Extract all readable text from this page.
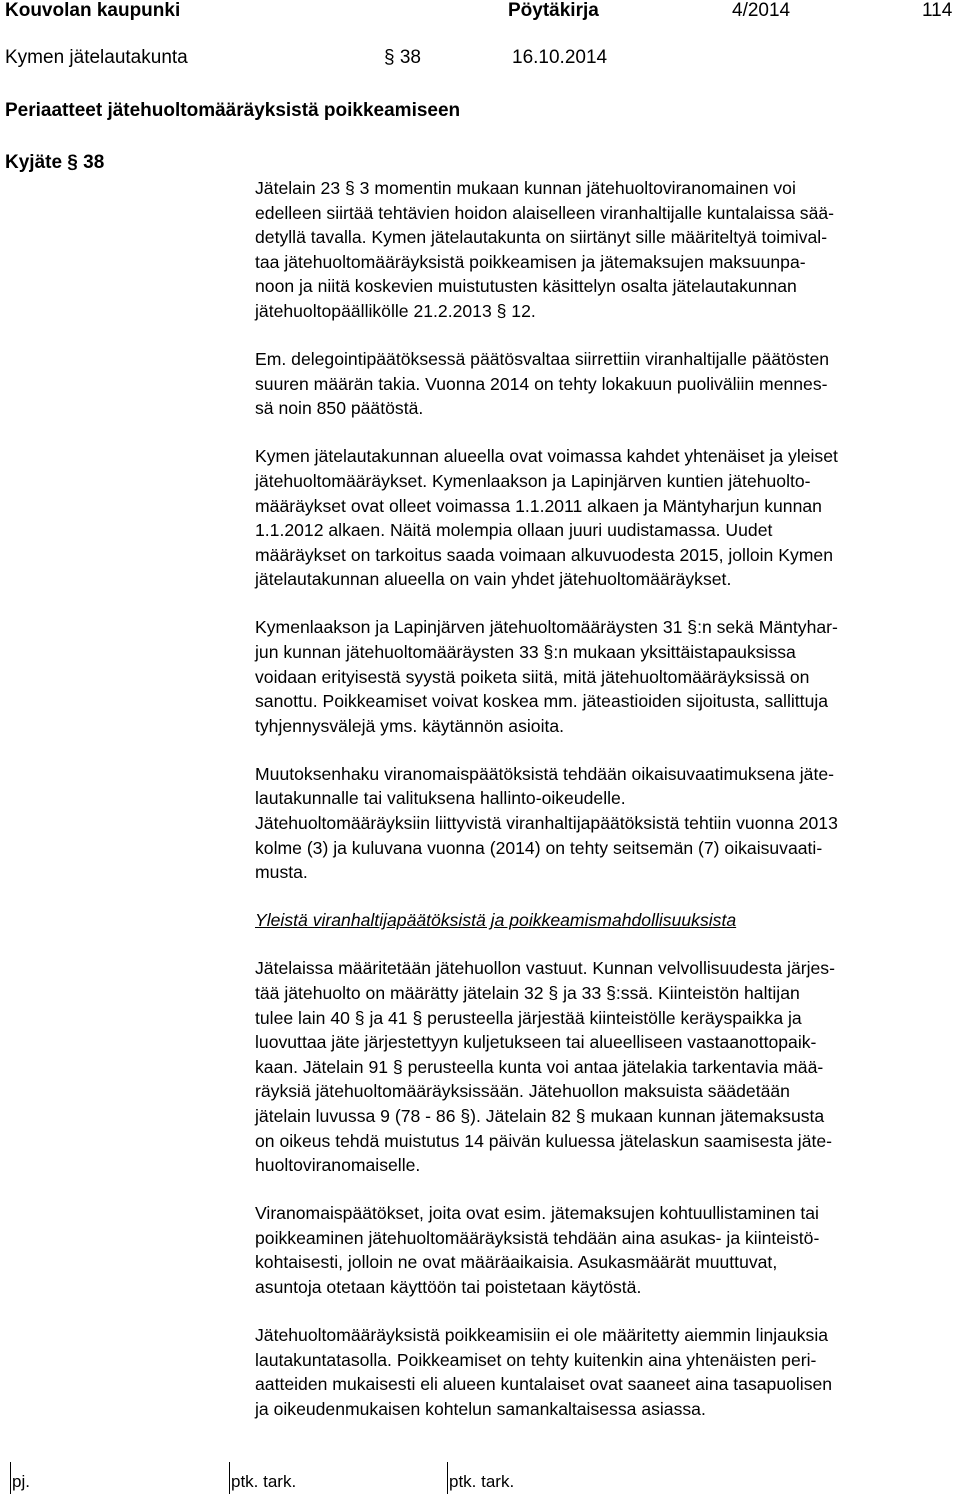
Kouvolan kaupunki	Pöytäkirja	4/2014	114
Kymen jätelautakunta	§ 38	16.10.2014
Periaatteet jätehuoltomääräyksistä poikkeamiseen
Kyjäte § 38
Jätelain 23 § 3 momentin mukaan kunnan jätehuoltoviranomainen voi
edelleen siirtää tehtävien hoidon alaiselleen viranhaltijalle kuntalaissa sää-
detyllä tavalla. Kymen jätelautakunta on siirtänyt sille määriteltyä toimival-
taa jätehuoltomääräyksistä poikkeamisen ja jätemaksujen maksuunpa-
noon ja niitä koskevien muistutusten käsittelyn osalta jätelautakunnan
jätehuoltopäällikölle 21.2.2013 § 12.
Em. delegointipäätöksessä päätösvaltaa siirrettiin viranhaltijalle päätösten
suuren määrän takia. Vuonna 2014 on tehty lokakuun puoliväliin mennes-
sä noin 850 päätöstä.
Kymen jätelautakunnan alueella ovat voimassa kahdet yhtenäiset ja yleiset
jätehuoltomääräykset. Kymenlaakson ja Lapinjärven kuntien jätehuolto-
määräykset ovat olleet voimassa 1.1.2011 alkaen ja Mäntyharjun kunnan
1.1.2012 alkaen. Näitä molempia ollaan juuri uudistamassa. Uudet
määräykset on tarkoitus saada voimaan alkuvuodesta 2015, jolloin Kymen
jätelautakunnan alueella on vain yhdet jätehuoltomääräykset.
Kymenlaakson ja Lapinjärven jätehuoltomääräysten 31 §:n sekä Mäntyhar-
jun kunnan jätehuoltomääräysten 33 §:n mukaan yksittäistapauksissa
voidaan erityisestä syystä poiketa siitä, mitä jätehuoltomääräyksissä on
sanottu. Poikkeamiset voivat koskea mm. jäteastioiden sijoitusta, sallittuja
tyhjennysvälejä yms. käytännön asioita.
Muutoksenhaku viranomaispäätöksistä tehdään oikaisuvaatimuksena jäte-
lautakunnalle tai valituksena hallinto-oikeudelle.
Jätehuoltomääräyksiin liittyvistä viranhaltijapäätöksistä tehtiin vuonna 2013
kolme (3) ja kuluvana vuonna (2014) on tehty seitsemän (7) oikaisuvaati-
musta.
Yleistä viranhaltijapäätöksistä ja poikkeamismahdollisuuksista
Jätelaissa määritetään jätehuollon vastuut. Kunnan velvollisuudesta järjes-
tää jätehuolto on määrätty jätelain 32 § ja 33 §:ssä. Kiinteistön haltijan
tulee lain 40 § ja 41 § perusteella järjestää kiinteistölle keräyspaikka ja
luovuttaa jäte järjestettyyn kuljetukseen tai alueelliseen vastaanottopaik-
kaan. Jätelain 91 § perusteella kunta voi antaa jätelakia tarkentavia mää-
räyksiä jätehuoltomääräyksissään. Jätehuollon maksuista säädetään
jätelain luvussa 9 (78 - 86 §). Jätelain 82 § mukaan kunnan jätemaksusta
on oikeus tehdä muistutus 14 päivän kuluessa jätelaskun saamisesta jäte-
huoltoviranomaiselle.
Viranomaispäätökset, joita ovat esim. jätemaksujen kohtuullistaminen tai
poikkeaminen jätehuoltomääräyksistä tehdään aina asukas- ja kiinteistö-
kohtaisesti, jolloin ne ovat määräaikaisia. Asukasmäärät muuttuvat,
asuntoja otetaan käyttöön tai poistetaan käytöstä.
Jätehuoltomääräyksistä poikkeamisiin ei ole määritetty aiemmin linjauksia
lautakuntatasolla. Poikkeamiset on tehty kuitenkin aina yhtenäisten peri-
aatteiden mukaisesti eli alueen kuntalaiset ovat saaneet aina tasapuolisen
ja oikeudenmukaisen kohtelun samankaltaisessa asiassa.
pj.	ptk. tark.	ptk. tark.
